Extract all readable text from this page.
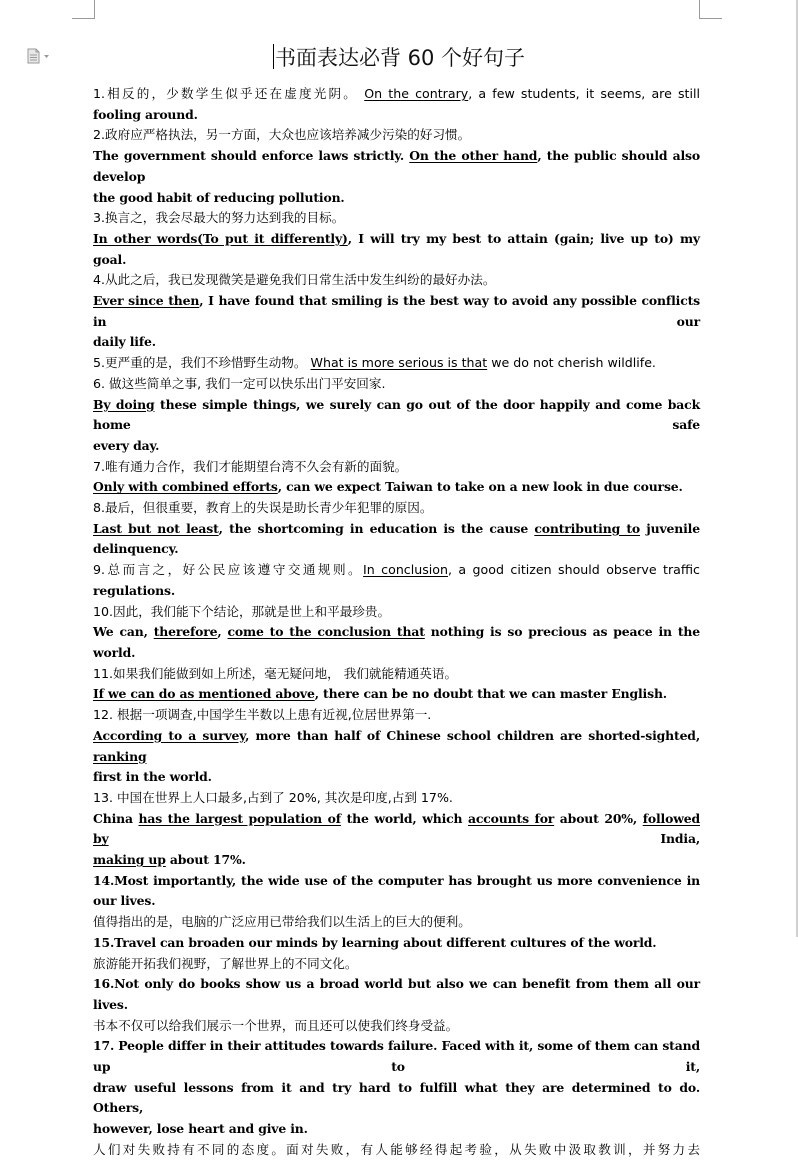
书面表达必背 60 个好句子

1.相反的，少数学生似乎还在虚度光阴。 On the contrary, a few students, it seems, are still

fooling around.

2.政府应严格执法，另一方面，大众也应该培养减少污染的好习惯。

The government should enforce laws strictly. On the other hand, the public should also develop

the good habit of reducing pollution.

3.换言之，我会尽最大的努力达到我的目标。

In other words(To put it differently), I will try my best to attain (gain; live up to) my goal.

4.从此之后，我已发现微笑是避免我们日常生活中发生纠纷的最好办法。

Ever since then, I have found that smiling is the best way to avoid any possible conflicts in our

daily life.

5.更严重的是，我们不珍惜野生动物。 What is more serious is that we do not cherish wildlife.

6. 做这些简单之事, 我们一定可以快乐出门平安回家.

By doing these simple things, we surely can go out of the door happily and come back home safe

every day.

7.唯有通力合作，我们才能期望台湾不久会有新的面貌。

Only with combined efforts, can we expect Taiwan to take on a new look in due course.

8.最后，但很重要，教育上的失误是助长青少年犯罪的原因。

Last but not least, the shortcoming in education is the cause contributing to juvenile

delinquency.

9.总而言之，好公民应该遵守交通规则。In conclusion, a good citizen should observe traffic

regulations.

10.因此，我们能下个结论，那就是世上和平最珍贵。

We can, therefore, come to the conclusion that nothing is so precious as peace in the world.

11.如果我们能做到如上所述，毫无疑问地， 我们就能精通英语。

If we can do as mentioned above, there can be no doubt that we can master English.

12. 根据一项调查,中国学生半数以上患有近视,位居世界第一.

According to a survey, more than half of Chinese school children are shorted-sighted, ranking

first in the world.

13. 中国在世界上人口最多,占到了 20%, 其次是印度,占到 17%.

China has the largest population of the world, which accounts for about 20%, followed by India,

making up about 17%.

14.Most importantly, the wide use of the computer has brought us more convenience in our lives.

值得指出的是，电脑的广泛应用已带给我们以生活上的巨大的便利。

15.Travel can broaden our minds by learning about different cultures of the world.

旅游能开拓我们视野，了解世界上的不同文化。

16.Not only do books show us a broad world but also we can benefit from them all our lives.

书本不仅可以给我们展示一个世界，而且还可以使我们终身受益。

17. People differ in their attitudes towards failure. Faced with it, some of them can stand up to it,

draw useful lessons from it and try hard to fulfill what they are determined to do. Others,

however, lose heart and give in.

人们对失败持有不同的态度。面对失败，有人能够经得起考验，从失败中汲取教训，并努力去
